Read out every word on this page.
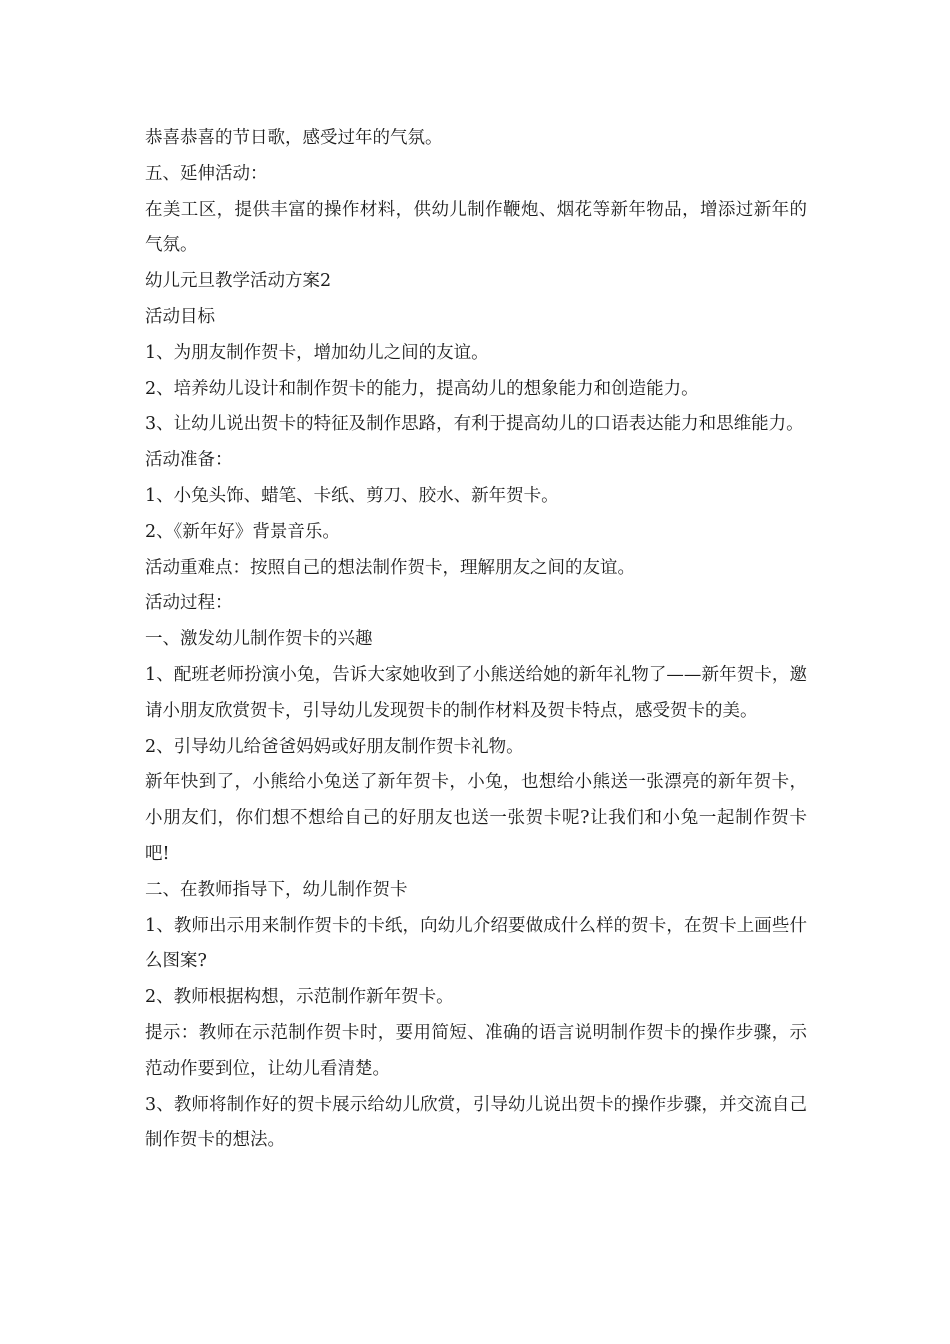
恭喜恭喜的节日歌，感受过年的气氛。

五、延伸活动：

在美工区，提供丰富的操作材料，供幼儿制作鞭炮、烟花等新年物品，增添过新年的气氛。

幼儿元旦教学活动方案2

活动目标

1、为朋友制作贺卡，增加幼儿之间的友谊。

2、培养幼儿设计和制作贺卡的能力，提高幼儿的想象能力和创造能力。

3、让幼儿说出贺卡的特征及制作思路，有利于提高幼儿的口语表达能力和思维能力。

活动准备：

1、小兔头饰、蜡笔、卡纸、剪刀、胶水、新年贺卡。

2、《新年好》背景音乐。

活动重难点：按照自己的想法制作贺卡，理解朋友之间的友谊。

活动过程：

一、激发幼儿制作贺卡的兴趣

1、配班老师扮演小兔，告诉大家她收到了小熊送给她的新年礼物了——新年贺卡，邀请小朋友欣赏贺卡，引导幼儿发现贺卡的制作材料及贺卡特点，感受贺卡的美。

2、引导幼儿给爸爸妈妈或好朋友制作贺卡礼物。

新年快到了，小熊给小兔送了新年贺卡，小兔，也想给小熊送一张漂亮的新年贺卡，小朋友们，你们想不想给自己的好朋友也送一张贺卡呢?让我们和小兔一起制作贺卡吧!

二、在教师指导下，幼儿制作贺卡

1、教师出示用来制作贺卡的卡纸，向幼儿介绍要做成什么样的贺卡，在贺卡上画些什么图案?

2、教师根据构想，示范制作新年贺卡。

提示：教师在示范制作贺卡时，要用简短、准确的语言说明制作贺卡的操作步骤，示范动作要到位，让幼儿看清楚。

3、教师将制作好的贺卡展示给幼儿欣赏，引导幼儿说出贺卡的操作步骤，并交流自己制作贺卡的想法。
